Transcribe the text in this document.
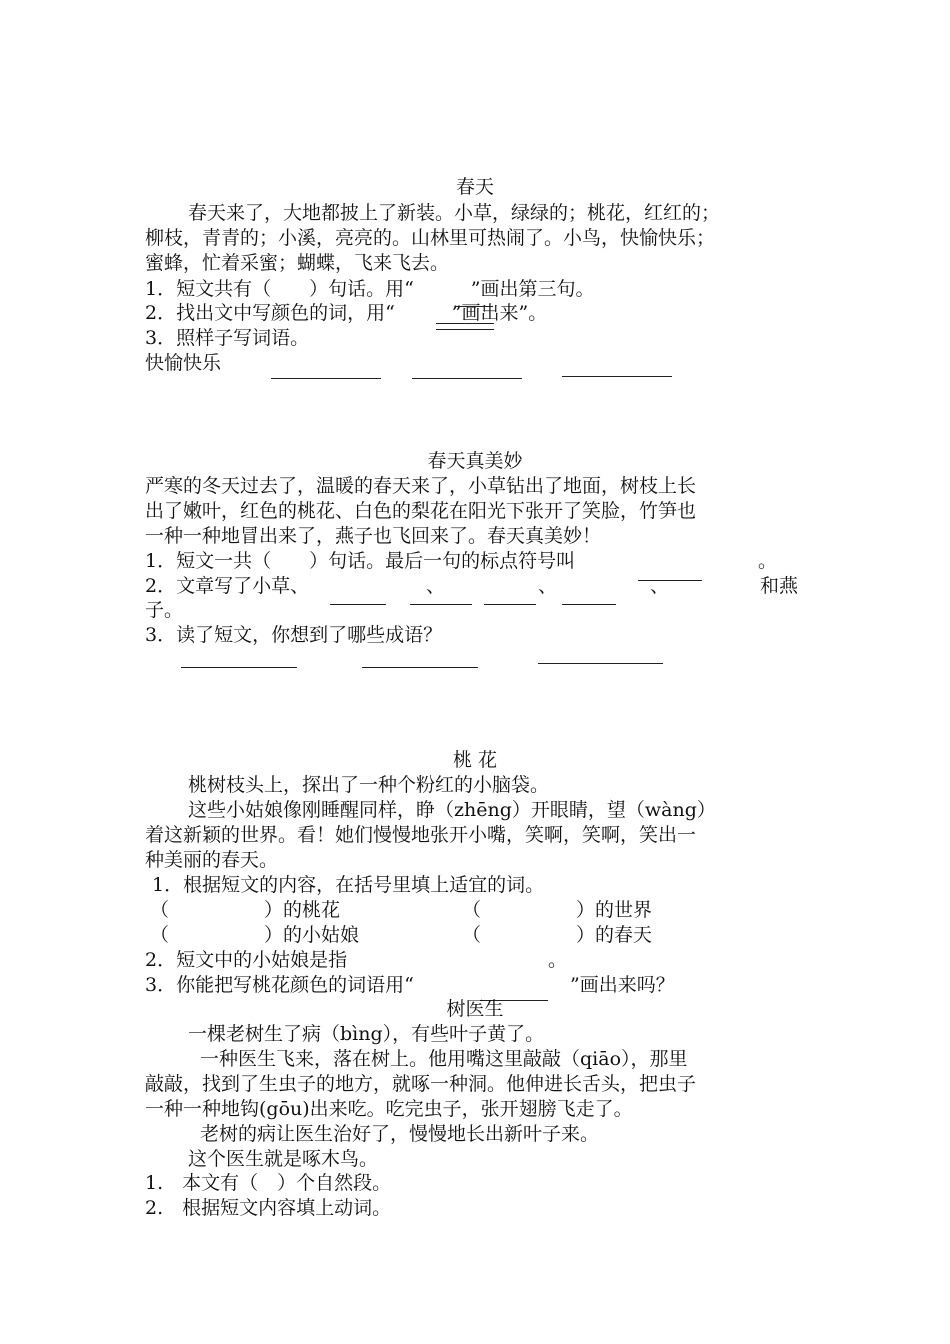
春天
春天来了，大地都披上了新装。小草，绿绿的；桃花，红红的；
柳枝，青青的；小溪，亮亮的。山林里可热闹了。小鸟，快愉快乐；
蜜蜂，忙着采蜜；蝴蝶，飞来飞去。
1．短文共有（　　）句话。用“　　　”画出第三句。
2．找出文中写颜色的词，用“　　　”画出来”。
3．照样子写词语。
快愉快乐
春天真美妙
严寒的冬天过去了，温暖的春天来了，小草钻出了地面，树枝上长
出了嫩叶，红色的桃花、白色的梨花在阳光下张开了笑脸，竹笋也
一种一种地冒出来了，燕子也飞回来了。春天真美妙！
1．短文一共（　　）句话。最后一句的标点符号叫	。
2．文章写了小草、	、	、	、	和燕
子。
3．读了短文，你想到了哪些成语？
桃 花
桃树枝头上，探出了一种个粉红的小脑袋。
这些小姑娘像刚睡醒同样，睁（zhēng）开眼睛，望（wàng）
着这新颖的世界。看！她们慢慢地张开小嘴，笑啊，笑啊，笑出一
种美丽的春天。
1．根据短文的内容，在括号里填上适宜的词。
（　　　　　）的桃花	（　　　　　）的世界
（　　　　　）的小姑娘	（　　　　　）的春天
2．短文中的小姑娘是指	。
3．你能把写桃花颜色的词语用“	”画出来吗？
树医生
一棵老树生了病（bìng），有些叶子黄了。
一种医生飞来，落在树上。他用嘴这里敲敲（qiāo），那里
敲敲，找到了生虫子的地方，就啄一种洞。他伸进长舌头，把虫子
一种一种地钩(gōu)出来吃。吃完虫子，张开翅膀飞走了。
老树的病让医生治好了，慢慢地长出新叶子来。
这个医生就是啄木鸟。
1.　本文有（　）个自然段。
2.　根据短文内容填上动词。
